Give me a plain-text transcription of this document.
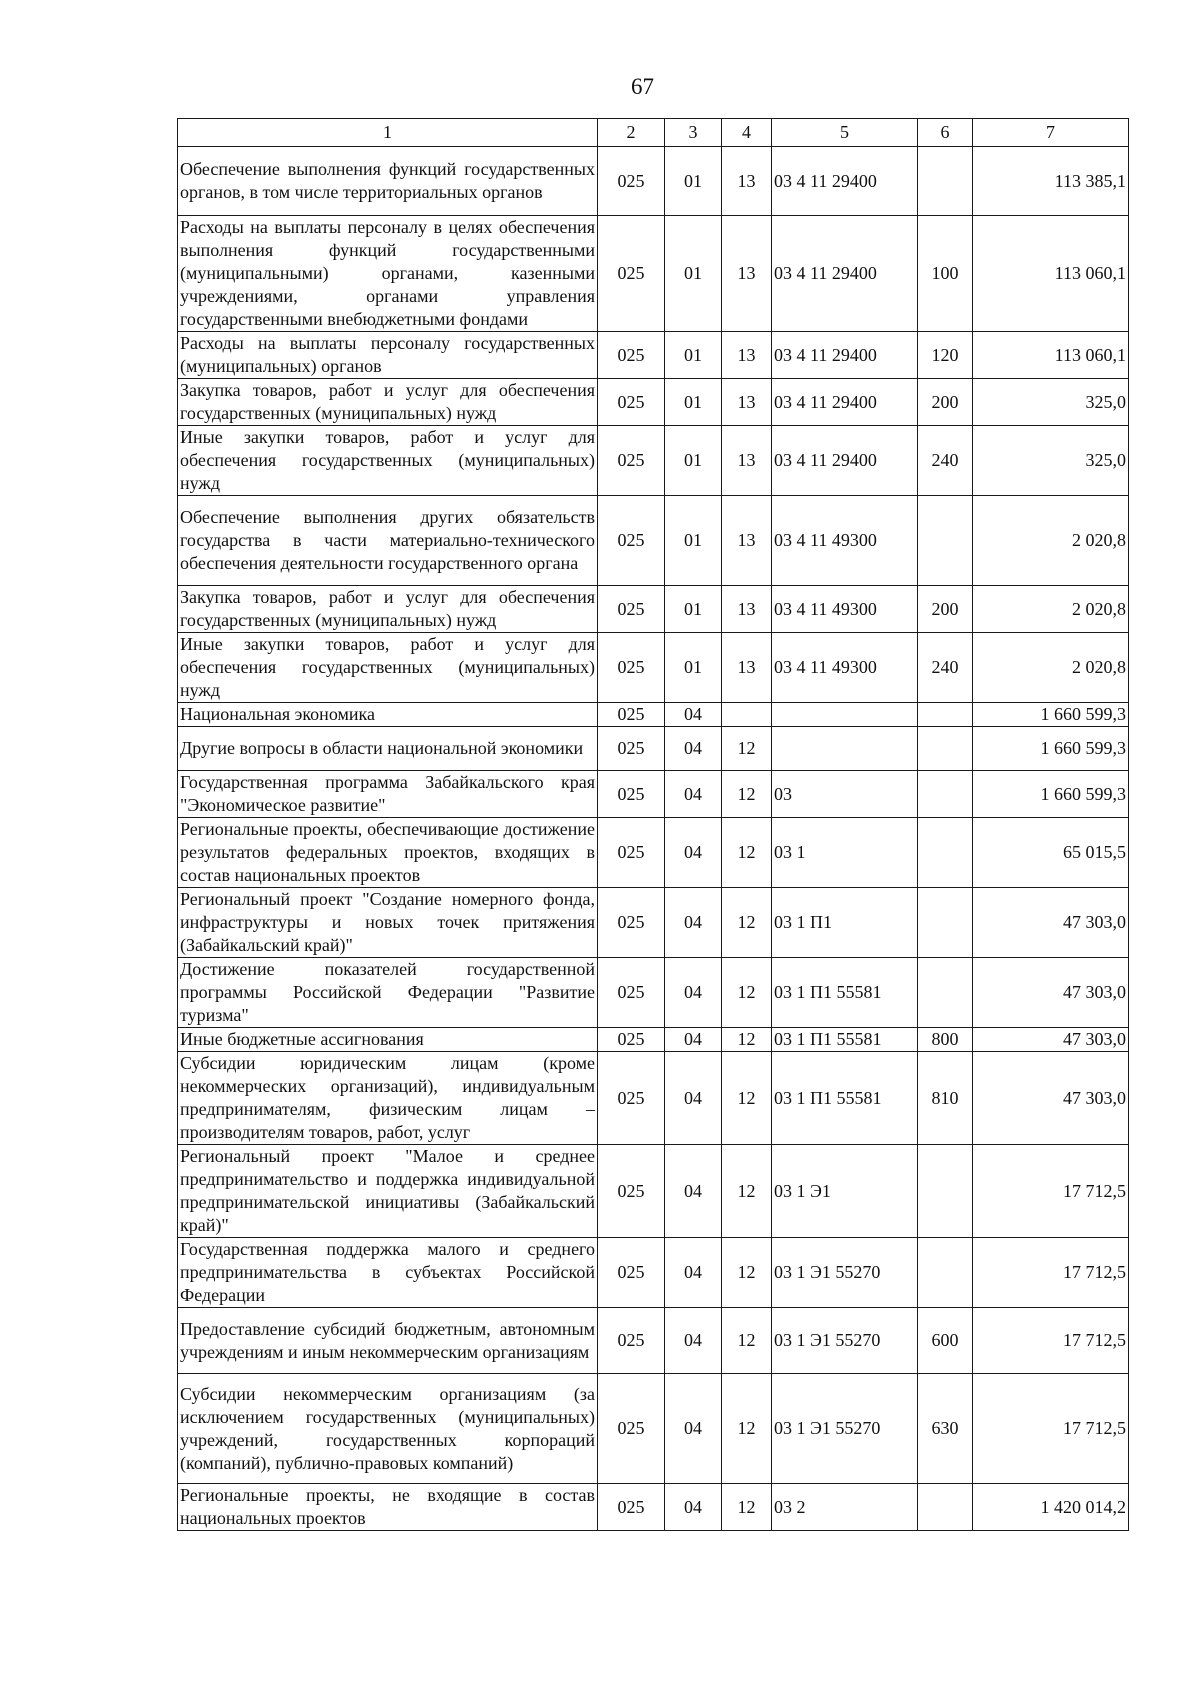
67
1	2	3	4	5	6	7
Обеспечение выполнения функций государственных органов, в том числе территориальных органов	025	01	13	03 4 11 29400		113 385,1
Расходы на выплаты персоналу в целях обеспечения выполнения функций государственными (муниципальными) органами, казенными учреждениями, органами управления государственными внебюджетными фондами	025	01	13	03 4 11 29400	100	113 060,1
Расходы на выплаты персоналу государственных (муниципальных) органов	025	01	13	03 4 11 29400	120	113 060,1
Закупка товаров, работ и услуг для обеспечения государственных (муниципальных) нужд	025	01	13	03 4 11 29400	200	325,0
Иные закупки товаров, работ и услуг для обеспечения государственных (муниципальных) нужд	025	01	13	03 4 11 29400	240	325,0
Обеспечение выполнения других обязательств государства в части материально-технического обеспечения деятельности государственного органа	025	01	13	03 4 11 49300		2 020,8
Закупка товаров, работ и услуг для обеспечения государственных (муниципальных) нужд	025	01	13	03 4 11 49300	200	2 020,8
Иные закупки товаров, работ и услуг для обеспечения государственных (муниципальных) нужд	025	01	13	03 4 11 49300	240	2 020,8
Национальная экономика	025	04				1 660 599,3
Другие вопросы в области национальной экономики	025	04	12			1 660 599,3
Государственная программа Забайкальского края "Экономическое развитие"	025	04	12	03		1 660 599,3
Региональные проекты, обеспечивающие достижение результатов федеральных проектов, входящих в состав национальных проектов	025	04	12	03 1		65 015,5
Региональный проект "Создание номерного фонда, инфраструктуры и новых точек притяжения (Забайкальский край)"	025	04	12	03 1 П1		47 303,0
Достижение показателей государственной программы Российской Федерации "Развитие туризма"	025	04	12	03 1 П1 55581		47 303,0
Иные бюджетные ассигнования	025	04	12	03 1 П1 55581	800	47 303,0
Субсидии юридическим лицам (кроме некоммерческих организаций), индивидуальным предпринимателям, физическим лицам – производителям товаров, работ, услуг	025	04	12	03 1 П1 55581	810	47 303,0
Региональный проект "Малое и среднее предпринимательство и поддержка индивидуальной предпринимательской инициативы (Забайкальский край)"	025	04	12	03 1 Э1		17 712,5
Государственная поддержка малого и среднего предпринимательства в субъектах Российской Федерации	025	04	12	03 1 Э1 55270		17 712,5
Предоставление субсидий бюджетным, автономным учреждениям и иным некоммерческим организациям	025	04	12	03 1 Э1 55270	600	17 712,5
Субсидии некоммерческим организациям (за исключением государственных (муниципальных) учреждений, государственных корпораций (компаний), публично-правовых компаний)	025	04	12	03 1 Э1 55270	630	17 712,5
Региональные проекты, не входящие в состав национальных проектов	025	04	12	03 2		1 420 014,2
